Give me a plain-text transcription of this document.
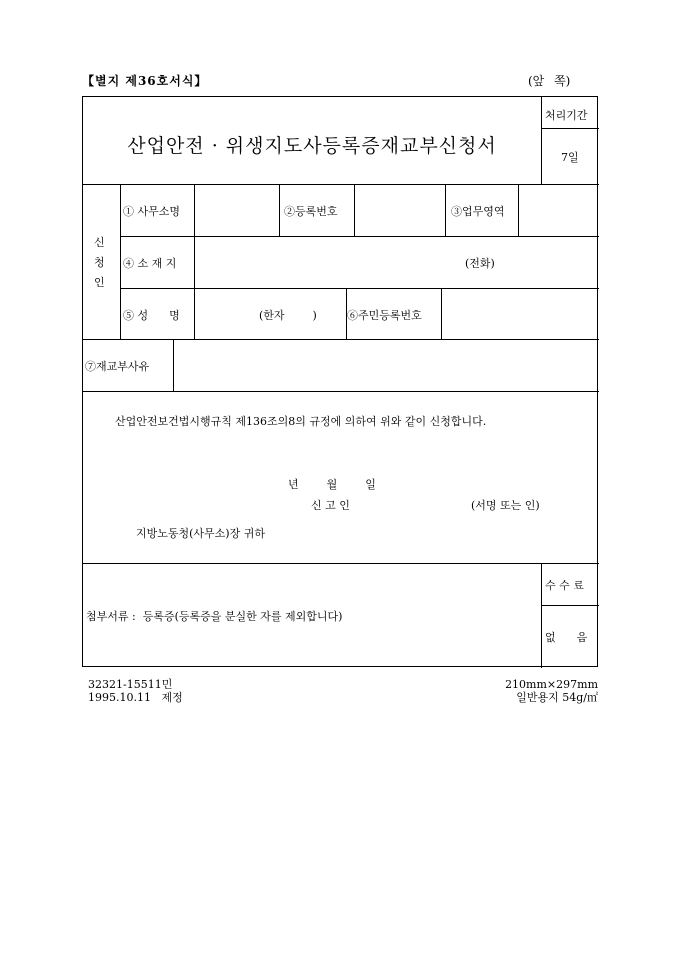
【별지 제36호서식】	(앞 쪽)
산업안전 · 위생지도사등록증재교부신청서
처리기간
7일
신
청
인
① 사무소명	②등록번호	③업무영역
④ 소 재 지	(전화)
⑤ 성      명	(한자        )	⑥주민등록번호
⑦재교부사유
산업안전보건법시행규칙 제136조의8의 규정에 의하여 위와 같이 신청합니다.
년        월        일
신 고 인	(서명 또는 인)
지방노동청(사무소)장 귀하
첨부서류 :  등록증(등록증을 분실한 자를 제외합니다)
수 수 료
없      음
32321-15511민
1995.10.11   제정
210mm×297mm
일반용지 54g/㎡
